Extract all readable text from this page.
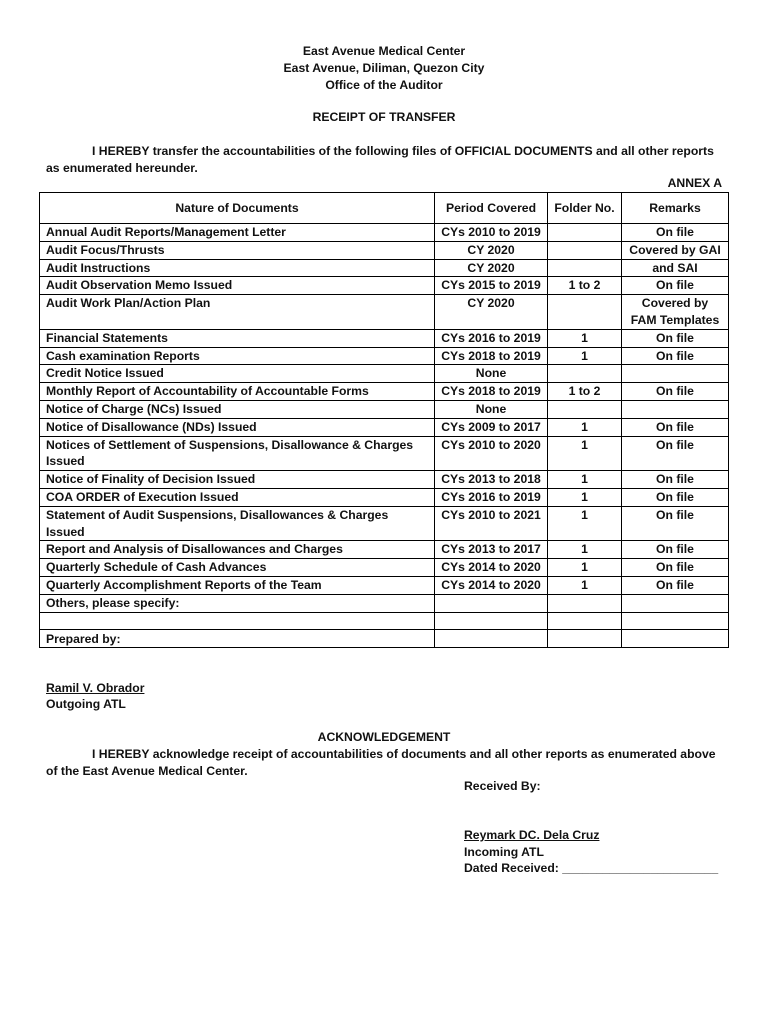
East Avenue Medical Center
East Avenue, Diliman, Quezon City
Office of the Auditor
RECEIPT OF TRANSFER
I HEREBY transfer the accountabilities of the following files of OFFICIAL DOCUMENTS and all other reports as enumerated hereunder.
ANNEX A
Nature of Documents	Period Covered	Folder No.	Remarks
Annual Audit Reports/Management Letter	CYs 2010 to 2019		On file
Audit Focus/Thrusts	CY 2020		Covered by GAI
Audit Instructions	CY 2020		and SAI
Audit Observation Memo Issued	CYs 2015 to 2019	1 to 2	On file
Audit Work Plan/Action Plan	CY 2020		Covered by FAM Templates
Financial Statements	CYs 2016 to 2019	1	On file
Cash examination Reports	CYs 2018 to 2019	1	On file
Credit Notice Issued	None		
Monthly Report of Accountability of Accountable Forms	CYs 2018 to 2019	1 to 2	On file
Notice of Charge (NCs) Issued	None		
Notice of Disallowance (NDs) Issued	CYs 2009 to 2017	1	On file
Notices of Settlement of Suspensions, Disallowance & Charges Issued	CYs 2010 to 2020	1	On file
Notice of Finality of Decision Issued	CYs 2013 to 2018	1	On file
COA ORDER of Execution Issued	CYs 2016 to 2019	1	On file
Statement of Audit Suspensions, Disallowances & Charges Issued	CYs 2010 to 2021	1	On file
Report and Analysis of Disallowances and Charges	CYs 2013 to 2017	1	On file
Quarterly Schedule of Cash Advances	CYs 2014 to 2020	1	On file
Quarterly Accomplishment Reports of the Team	CYs 2014 to 2020	1	On file
Others, please specify:			

Prepared by:
Ramil V. Obrador
Outgoing ATL
ACKNOWLEDGEMENT
I HEREBY acknowledge receipt of accountabilities of documents and all other reports as enumerated above of the East Avenue Medical Center.
Received By:
Reymark DC. Dela Cruz
Incoming ATL
Dated Received: _______________________
